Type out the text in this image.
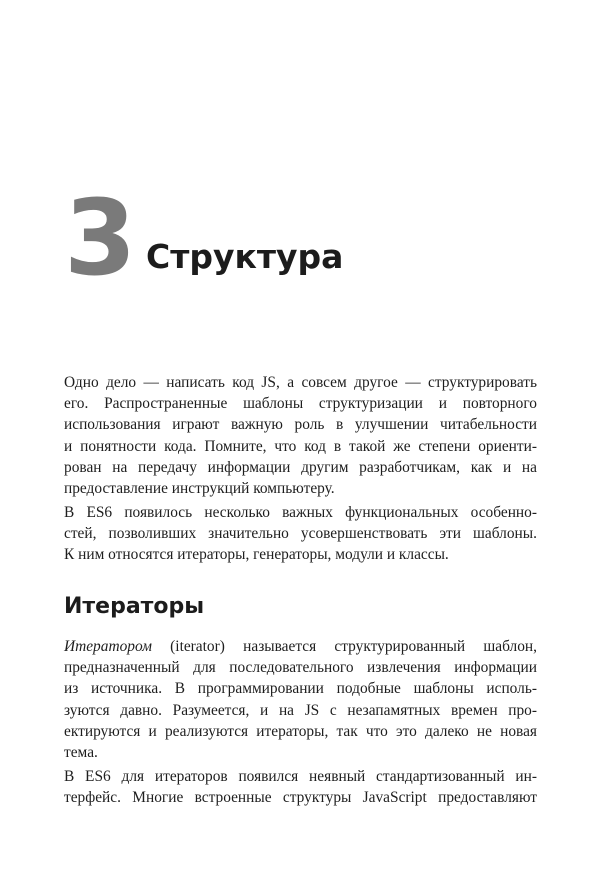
3 Структура

Одно дело — написать код JS, а совсем другое — структурировать
его. Распространенные шаблоны структуризации и повторного
использования играют важную роль в улучшении читабельности
и понятности кода. Помните, что код в такой же степени ориенти-
рован на передачу информации другим разработчикам, как и на
предоставление инструкций компьютеру.

В ES6 появилось несколько важных функциональных особенно-
стей, позволивших значительно усовершенствовать эти шаблоны.
К ним относятся итераторы, генераторы, модули и классы.

Итераторы

Итератором (iterator) называется структурированный шаблон,
предназначенный для последовательного извлечения информации
из источника. В программировании подобные шаблоны исполь-
зуются давно. Разумеется, и на JS с незапамятных времен про-
ектируются и реализуются итераторы, так что это далеко не новая
тема.

В ES6 для итераторов появился неявный стандартизованный ин-
терфейс. Многие встроенные структуры JavaScript предоставляют
